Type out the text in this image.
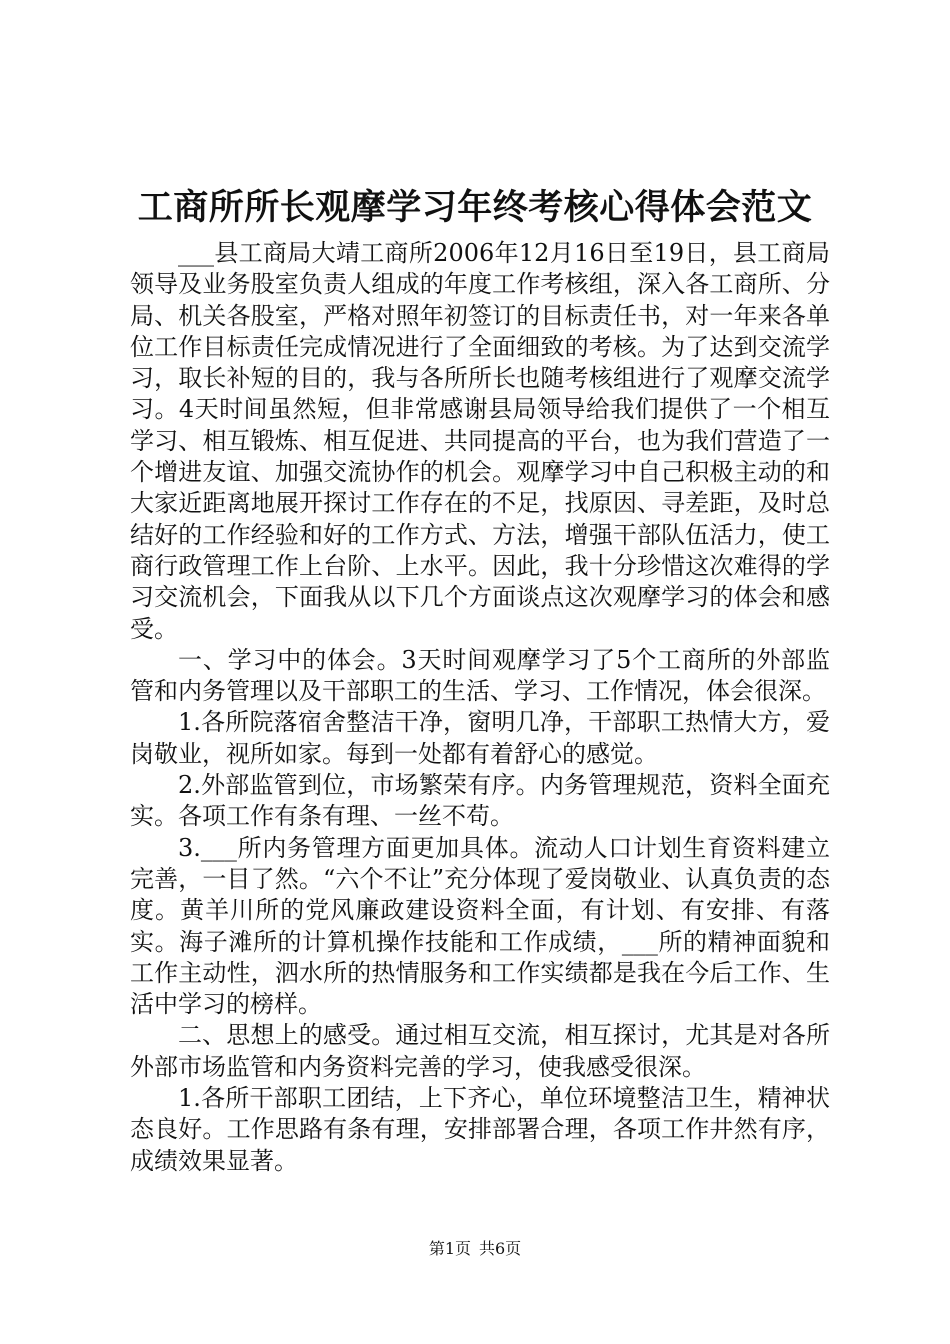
工商所所长观摩学习年终考核心得体会范文

___县工商局大靖工商所2006年12月16日至19日，县工商局领导及业务股室负责人组成的年度工作考核组，深入各工商所、分局、机关各股室，严格对照年初签订的目标责任书，对一年来各单位工作目标责任完成情况进行了全面细致的考核。为了达到交流学习，取长补短的目的，我与各所所长也随考核组进行了观摩交流学习。4天时间虽然短，但非常感谢县局领导给我们提供了一个相互学习、相互锻炼、相互促进、共同提高的平台，也为我们营造了一个增进友谊、加强交流协作的机会。观摩学习中自己积极主动的和大家近距离地展开探讨工作存在的不足，找原因、寻差距，及时总结好的工作经验和好的工作方式、方法，增强干部队伍活力，使工商行政管理工作上台阶、上水平。因此，我十分珍惜这次难得的学习交流机会，下面我从以下几个方面谈点这次观摩学习的体会和感受。

一、学习中的体会。3天时间观摩学习了5个工商所的外部监管和内务管理以及干部职工的生活、学习、工作情况，体会很深。

1.各所院落宿舍整洁干净，窗明几净，干部职工热情大方，爱岗敬业，视所如家。每到一处都有着舒心的感觉。

2.外部监管到位，市场繁荣有序。内务管理规范，资料全面充实。各项工作有条有理、一丝不苟。

3.___所内务管理方面更加具体。流动人口计划生育资料建立完善，一目了然。“六个不让”充分体现了爱岗敬业、认真负责的态度。黄羊川所的党风廉政建设资料全面，有计划、有安排、有落实。海子滩所的计算机操作技能和工作成绩，___所的精神面貌和工作主动性，泗水所的热情服务和工作实绩都是我在今后工作、生活中学习的榜样。

二、思想上的感受。通过相互交流，相互探讨，尤其是对各所外部市场监管和内务资料完善的学习，使我感受很深。

1.各所干部职工团结，上下齐心，单位环境整洁卫生，精神状态良好。工作思路有条有理，安排部署合理，各项工作井然有序，成绩效果显著。

第1页 共6页
